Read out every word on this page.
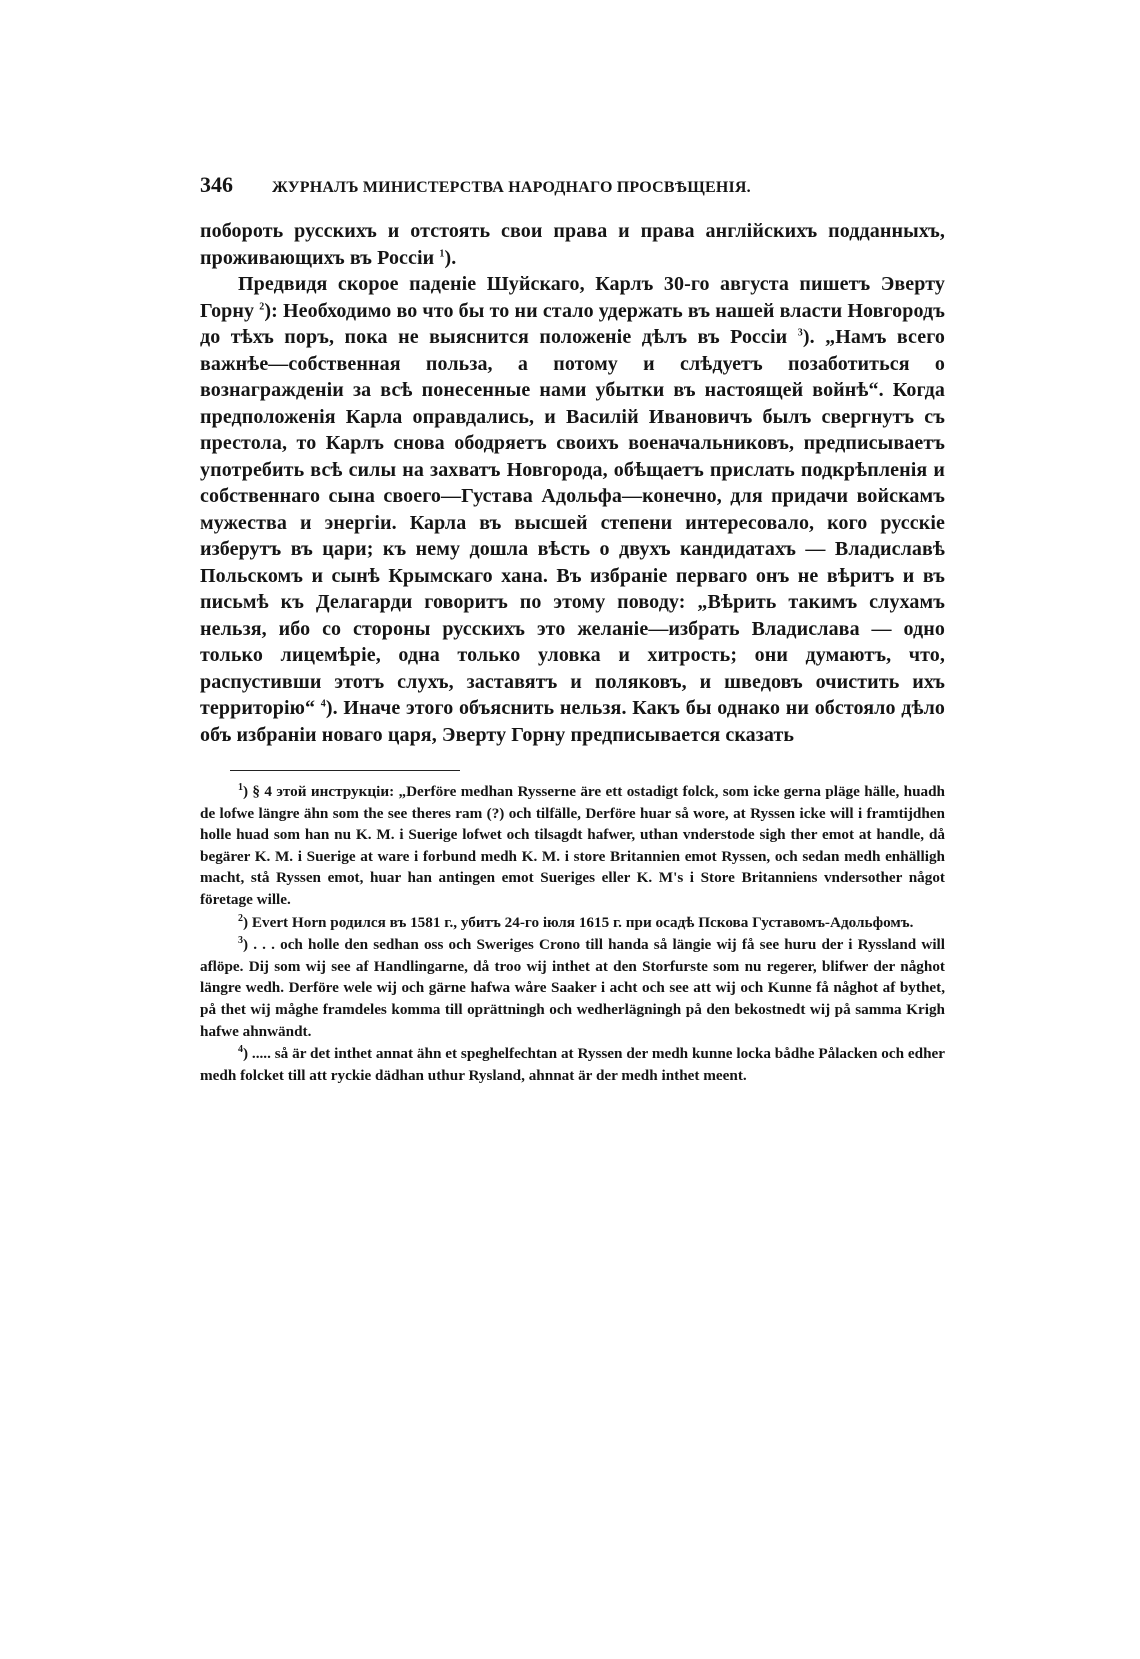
346	ЖУРНАЛЪ МИНИСТЕРСТВА НАРОДНАГО ПРОСВѢЩЕНІЯ.

побороть русскихъ и отстоять свои права и права англійскихъ подданныхъ, проживающихъ въ Россіи $^1$).

Предвидя скорое паденіе Шуйскаго, Карлъ 30-го августа пишетъ Эверту Горну $^2$): Необходимо во что бы то ни стало удержать въ нашей власти Новгородъ до тѣхъ поръ, пока не выяснится положеніе дѣлъ въ Россіи $^3$). „Намъ всего важнѣе—собственная польза, а потому и слѣдуетъ позаботиться о вознагражденіи за всѣ понесенные нами убытки въ настоящей войнѣ“. Когда предположенія Карла оправдались, и Василій Ивановичъ былъ свергнутъ съ престола, то Карлъ снова ободряетъ своихъ военачальниковъ, предписываетъ употребить всѣ силы на захватъ Новгорода, обѣщаетъ прислать подкрѣпленія и собственнаго сына своего—Густава Адольфа—конечно, для придачи войскамъ мужества и энергіи. Карла въ высшей степени интересовало, кого русскіе изберутъ въ цари; къ нему дошла вѣсть о двухъ кандидатахъ — Владиславѣ Польскомъ и сынѣ Крымскаго хана. Въ избраніе перваго онъ не вѣритъ и въ письмѣ къ Делагарди говоритъ по этому поводу: „Вѣрить такимъ слухамъ нельзя, ибо со стороны русскихъ это желаніе—избрать Владислава — одно только лицемѣріе, одна только уловка и хитрость; они думаютъ, что, распустивши этотъ слухъ, заставятъ и поляковъ, и шведовъ очистить ихъ территорію“ $^4$). Иначе этого объяснить нельзя. Какъ бы однако ни обстояло дѣло объ избраніи новаго царя, Эверту Горну предписывается сказать

$^1$) § 4 этой инструкціи: „Derföre medhan Rysserne äre ett ostadigt folck, som icke gerna pläge hälle, huadh de lofwe längre ähn som the see theres ram (?) och tilfälle, Derföre huar så wore, at Ryssen icke will i framtijdhen holle huad som han nu K. M. i Suerige lofwet och tilsagdt hafwer, uthan vnderstode sigh ther emot at handle, då begärer K. M. i Suerige at ware i forbund medh K. M. i store Britannien emot Ryssen, och sedan medh enhälligh macht, stå Ryssen emot, huar han antingen emot Sueriges eller K. M's i Store Britanniens vndersother något företage wille.

$^2$) Evert Horn родился въ 1581 г., убитъ 24-го іюля 1615 г. при осадѣ Пскова Густавомъ-Адольфомъ.

$^3$) . . . och holle den sedhan oss och Sweriges Crono till handa så längie wij få see huru der i Ryssland will aflöpe. Dij som wij see af Handlingarne, då troo wij inthet at den Storfurste som nu regerer, blifwer der någhot längre wedh. Derföre wele wij och gärne hafwa wåre Saaker i acht och see att wij och Kunne få någhot af bythet, på thet wij måghe framdeles komma till oprättningh och wedherlägningh på den bekostnedt wij på samma Krigh hafwe ahnwändt.

$^4$) ..... så är det inthet annat ähn et speghelfechtan at Ryssen der medh kunne locka bådhe Pålacken och edher medh folcket till att ryckie dädhan uthur Rysland, ahnnat är der medh inthet meent.
